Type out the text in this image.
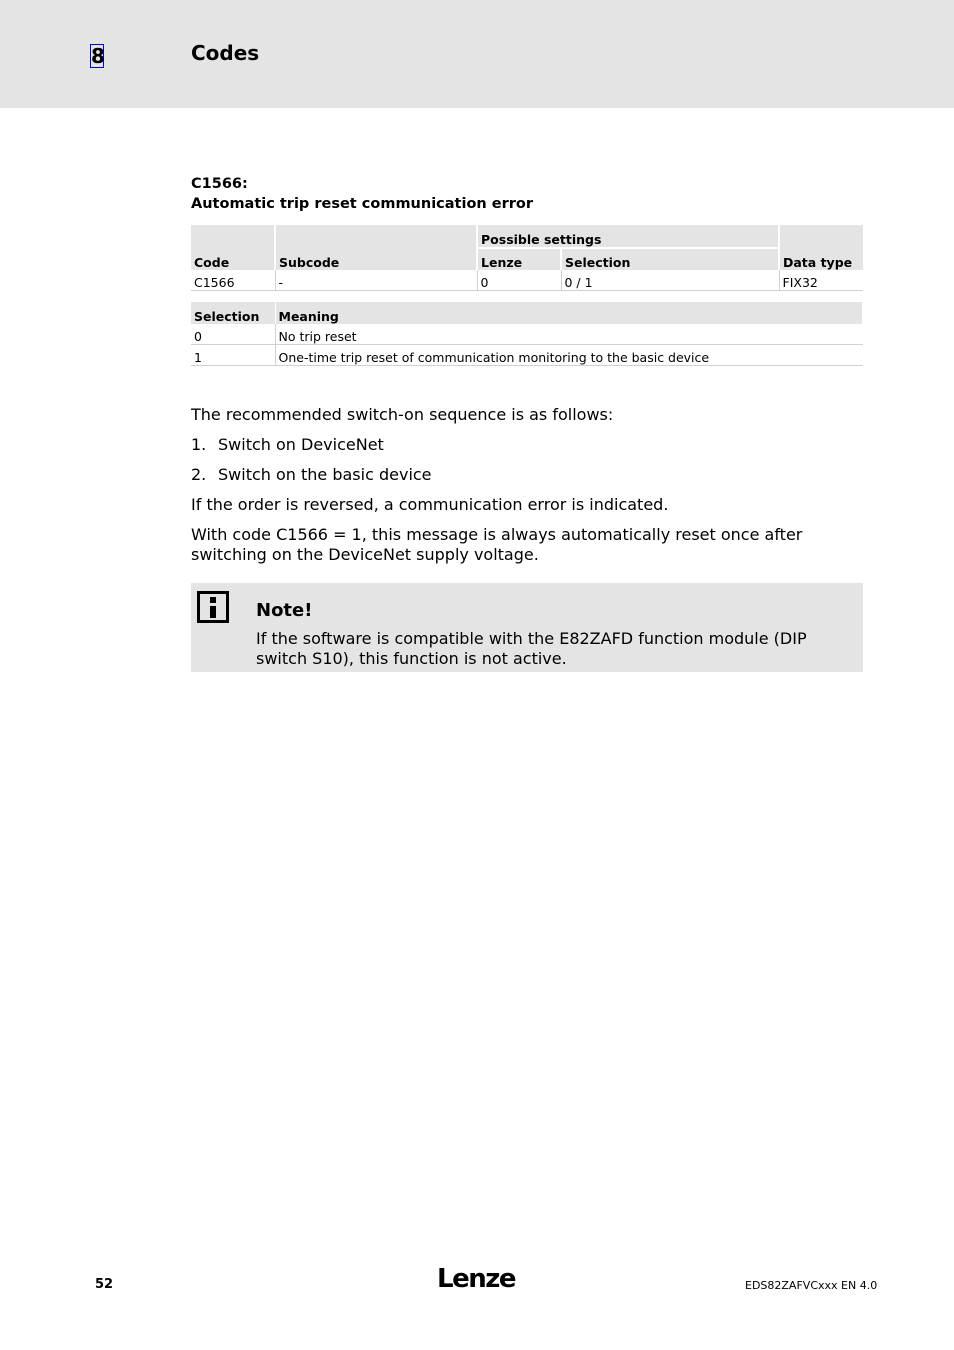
8	Codes
C1566:
Automatic trip reset communication error
Code	Subcode	Possible settings		Data type
		Lenze	Selection	
C1566	-	0	0 / 1	FIX32
Selection	Meaning
0	No trip reset
1	One-time trip reset of communication monitoring to the basic device
The recommended switch-on sequence is as follows:
1. Switch on DeviceNet
2. Switch on the basic device
If the order is reversed, a communication error is indicated.
With code C1566 = 1, this message is always automatically reset once after switching on the DeviceNet supply voltage.
Note!
If the software is compatible with the E82ZAFD function module (DIP switch S10), this function is not active.
52	Lenze	EDS82ZAFVCxxx EN 4.0
